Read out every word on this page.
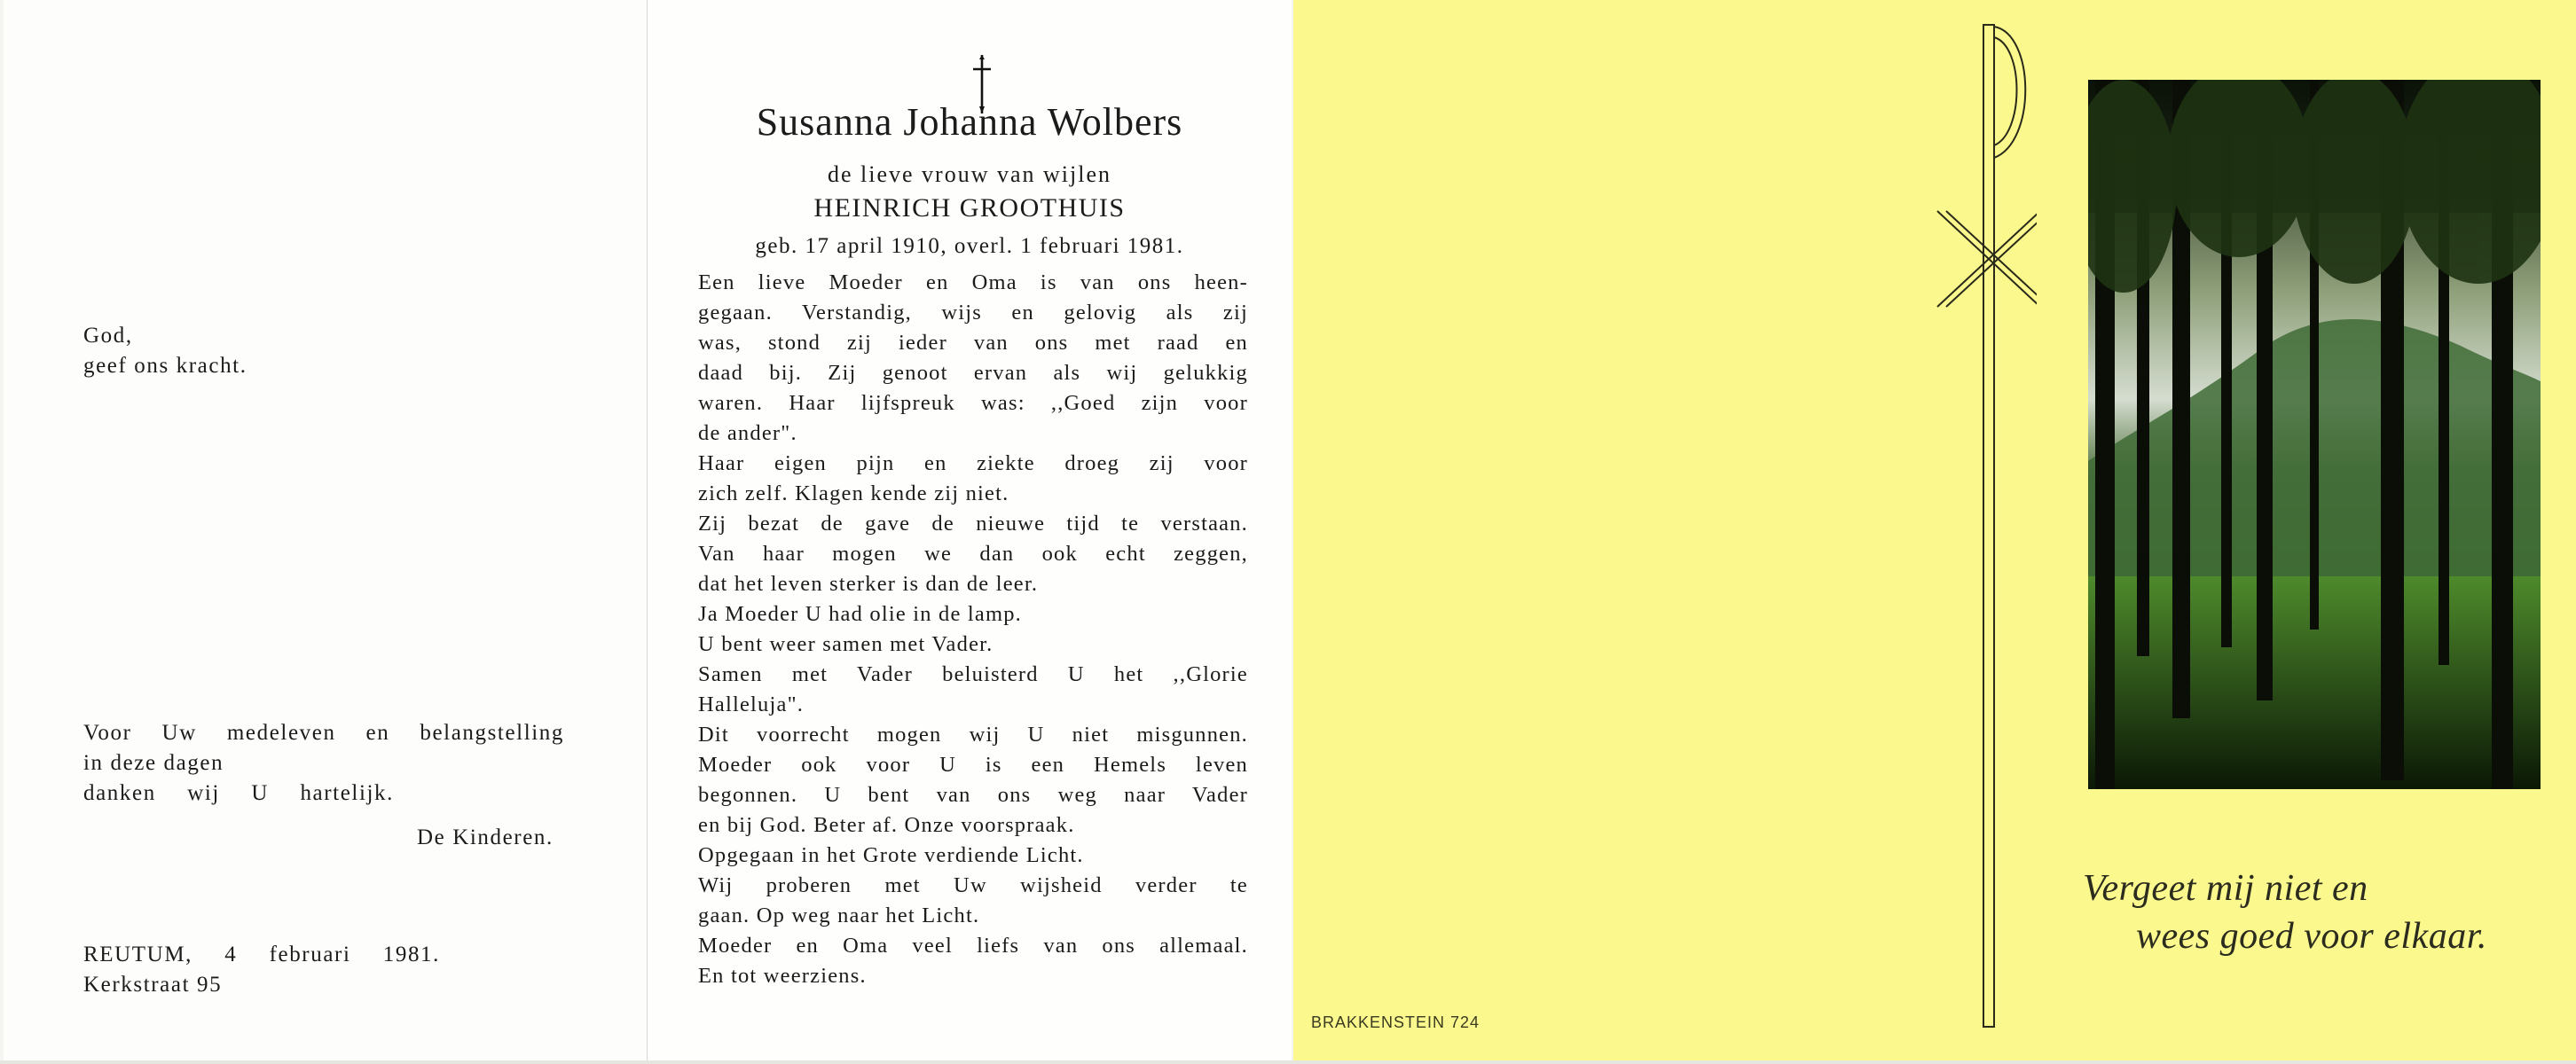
God,
geef ons kracht.
Voor Uw medeleven en belangstelling
in deze dagen
danken wij U hartelijk.
De Kinderen.
REUTUM, 4 februari 1981.
Kerkstraat 95
Susanna Johanna Wolbers
de lieve vrouw van wijlen
HEINRICH GROOTHUIS
geb. 17 april 1910, overl. 1 februari 1981.
Een lieve Moeder en Oma is van ons heen-
gegaan. Verstandig, wijs en gelovig als zij
was, stond zij ieder van ons met raad en
daad bij. Zij genoot ervan als wij gelukkig
waren. Haar lijfspreuk was: ,,Goed zijn voor
de ander".
Haar eigen pijn en ziekte droeg zij voor
zich zelf. Klagen kende zij niet.
Zij bezat de gave de nieuwe tijd te verstaan.
Van haar mogen we dan ook echt zeggen,
dat het leven sterker is dan de leer.
Ja Moeder U had olie in de lamp.
U bent weer samen met Vader.
Samen met Vader beluisterd U het ,,Glorie
Halleluja".
Dit voorrecht mogen wij U niet misgunnen.
Moeder ook voor U is een Hemels leven
begonnen. U bent van ons weg naar Vader
en bij God. Beter af. Onze voorspraak.
Opgegaan in het Grote verdiende Licht.
Wij proberen met Uw wijsheid verder te
gaan. Op weg naar het Licht.
Moeder en Oma veel liefs van ons allemaal.
En tot weerziens.
BRAKKENSTEIN 724
Vergeet mij niet en
wees goed voor elkaar.
